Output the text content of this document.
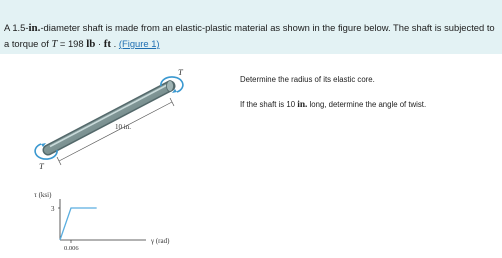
A 1.5-in.-diameter shaft is made from an elastic-plastic material as shown in the figure below. The shaft is subjected to a torque of T = 198 lb · ft . (Figure 1)
T
T
10 in.
τ (ksi)
3
0.006
γ (rad)
Determine the radius of its elastic core.
If the shaft is 10 in. long, determine the angle of twist.
